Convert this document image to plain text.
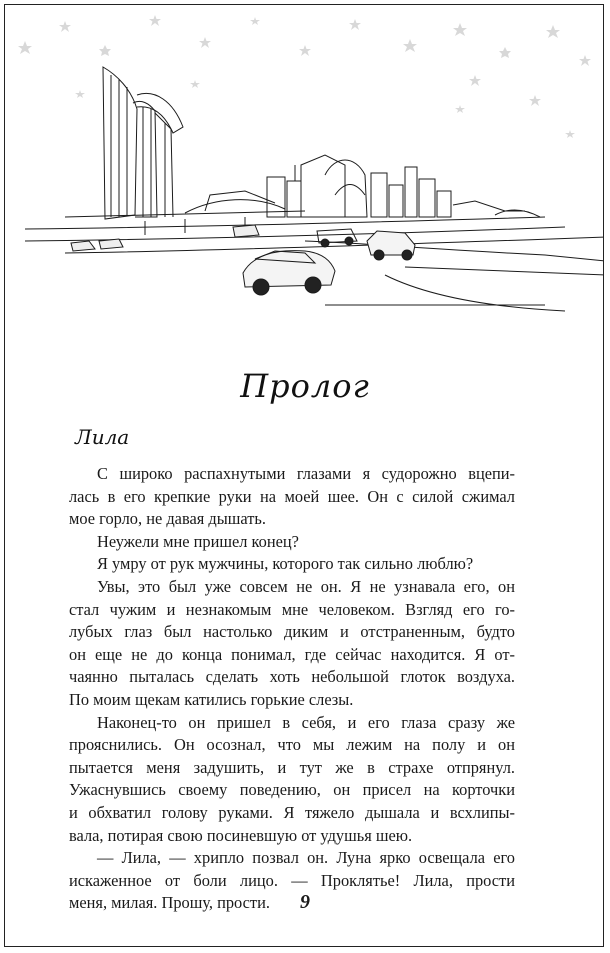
Пролог
Лила

С широко распахнутыми глазами я судорожно вцепи-
лась в его крепкие руки на моей шее. Он с силой сжимал

мое горло, не давая дышать.

Неужели мне пришел конец?

Я умру от рук мужчины, которого так сильно люблю?

Увы, это был уже совсем не он. Я не узнавала его, он
стал чужим и незнакомым мне человеком. Взгляд его го-
лубых глаз был настолько диким и отстраненным, будто
он еще не до конца понимал, где сейчас находится. Я от-
чаянно пыталась сделать хоть небольшой глоток воздуха.

По моим щекам катились горькие слезы.

Наконец-то он пришел в себя, и его глаза сразу же
прояснились. Он осознал, что мы лежим на полу и он
пытается меня задушить, и тут же в страхе отпрянул.
Ужаснувшись своему поведению, он присел на корточки
и обхватил голову руками. Я тяжело дышала и всхлипы-

вала, потирая свою посиневшую от удушья шею.

— Лила, — хрипло позвал он. Луна ярко освещала его
искаженное от боли лицо. — Проклятье! Лила, прости

меня, милая. Прошу, прости.	9
